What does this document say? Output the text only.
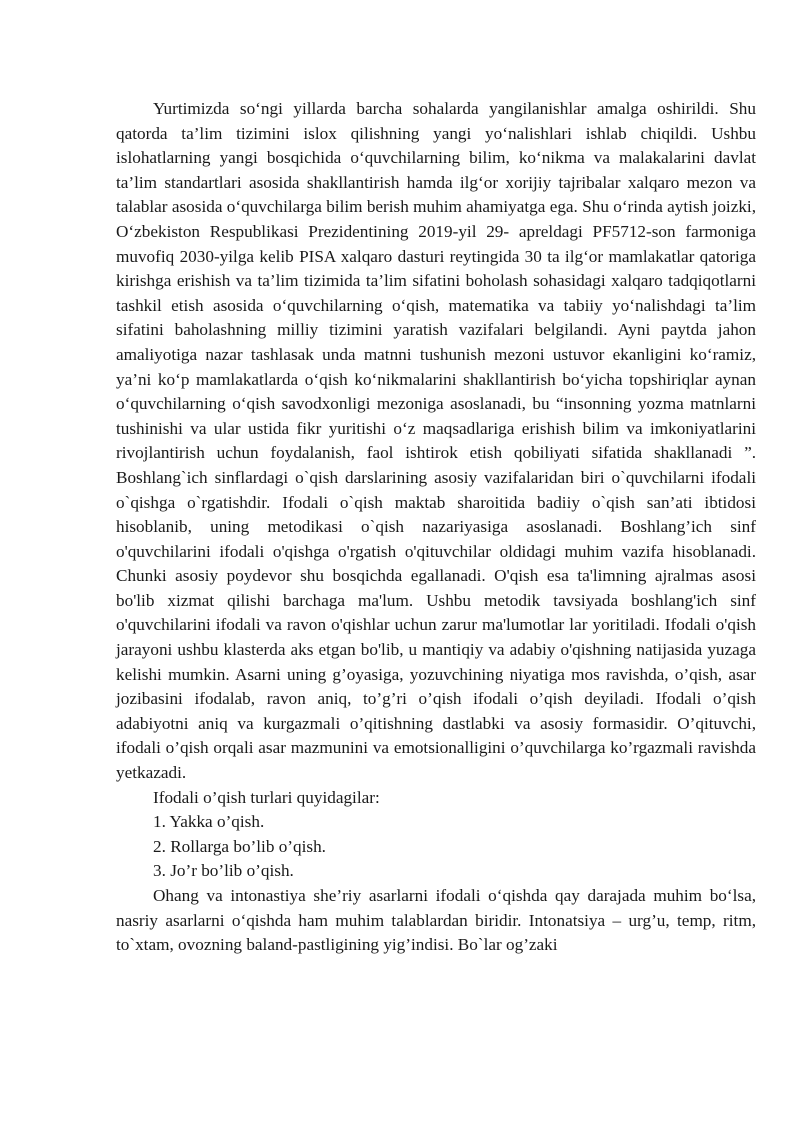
Yurtimizda so‘ngi yillarda barcha sohalarda yangilanishlar amalga oshirildi. Shu qatorda ta’lim tizimini islox qilishning yangi yo‘nalishlari ishlab chiqildi. Ushbu islohatlarning yangi bosqichida o‘quvchilarning bilim, ko‘nikma va malakalarini davlat ta’lim standartlari asosida shakllantirish hamda ilg‘or xorijiy tajribalar xalqaro mezon va talablar asosida o‘quvchilarga bilim berish muhim ahamiyatga ega. Shu o‘rinda aytish joizki, O‘zbekiston Respublikasi Prezidentining 2019-yil 29- apreldagi PF5712-son farmoniga muvofiq 2030-yilga kelib PISA xalqaro dasturi reytingida 30 ta ilg‘or mamlakatlar qatoriga kirishga erishish va ta’lim tizimida ta’lim sifatini boholash sohasidagi xalqaro tadqiqotlarni tashkil etish asosida o‘quvchilarning o‘qish, matematika va tabiiy yo‘nalishdagi ta’lim sifatini baholashning milliy tizimini yaratish vazifalari belgilandi. Ayni paytda jahon amaliyotiga nazar tashlasak unda matnni tushunish mezoni ustuvor ekanligini ko‘ramiz, ya’ni ko‘p mamlakatlarda o‘qish ko‘nikmalarini shakllantirish bo‘yicha topshiriqlar aynan o‘quvchilarning o‘qish savodxonligi mezoniga asoslanadi, bu “insonning yozma matnlarni tushinishi va ular ustida fikr yuritishi o‘z maqsadlariga erishish bilim va imkoniyatlarini rivojlantirish uchun foydalanish, faol ishtirok etish qobiliyati sifatida shakllanadi ”. Boshlang`ich sinflardagi o`qish darslarining asosiy vazifalaridan biri o`quvchilarni ifodali o`qishga o`rgatishdir. Ifodali o`qish maktab sharoitida badiiy o`qish san’ati ibtidosi hisoblanib, uning metodikasi o`qish nazariyasiga asoslanadi. Boshlang’ich sinf o'quvchilarini ifodali o'qishga o'rgatish o'qituvchilar oldidagi muhim vazifa hisoblanadi. Chunki asosiy poydevor shu bosqichda egallanadi. O'qish esa ta'limning ajralmas asosi bo'lib xizmat qilishi barchaga ma'lum. Ushbu metodik tavsiyada boshlang'ich sinf o'quvchilarini ifodali va ravon o'qishlar uchun zarur ma'lumotlar lar yoritiladi. Ifodali o'qish jarayoni ushbu klasterda aks etgan bo'lib, u mantiqiy va adabiy o'qishning natijasida yuzaga kelishi mumkin. Asarni uning g’oyasiga, yozuvchining niyatiga mos ravishda, o’qish, asar jozibasini ifodalab, ravon aniq, to’g’ri o’qish ifodali o’qish deyiladi. Ifodali o’qish adabiyotni aniq va kurgazmali o’qitishning dastlabki va asosiy formasidir. O’qituvchi, ifodali o’qish orqali asar mazmunini va emotsionalligini o’quvchilarga ko’rgazmali ravishda yetkazadi.

Ifodali o’qish turlari quyidagilar:

1. Yakka o’qish.

2. Rollarga bo’lib o’qish.

3. Jo’r bo’lib o’qish.

Ohang va intonastiya she’riy asarlarni ifodali o‘qishda qay darajada muhim bo‘lsa, nasriy asarlarni o‘qishda ham muhim talablardan biridir. Intonatsiya – urg’u, temp, ritm, to`xtam, ovozning baland-pastligining yig’indisi. Bo`lar og’zaki
